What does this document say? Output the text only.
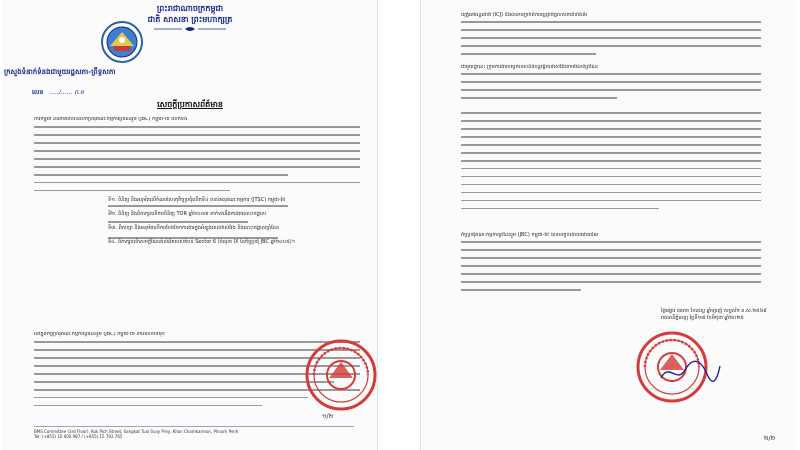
ព្រះរាជាណាចក្រកម្ពុជា
ជាតិ សាសនា ព្រះមហាក្សត្រ
ក្រសួងទំនាក់ទំនងជាមួយរដ្ឋសភា-ព្រឹទ្ធសភា
លេខ ...../...... ព.ម
សេចក្តីប្រកាសព័ត៌មាន
ការិកម្ពុជា និងភាគីថៃបានបើកប្រជុំគណៈកម្មការព្រំដែនរួម (JBC) កម្ពុជា-ថៃ លើកទី៥
ទី១. ពិនិត្យ និងអនុម័តលើកំណត់ហេតុកិច្ចប្រជុំលើកទី៤ របស់អនុគណៈកម្មការ (JTSC) កម្ពុជា-ថៃ
ទី២. ពិនិត្យ និងពិភាក្សាលើការពិនិត្យ TOR ឆ្នាំ២០០៣ ទាក់ទងនឹងការងារបោះបង្គោល
ទី៣. ពិភាក្សា និងអនុម័តលើការបែងចែកការងារក្នុងអំឡុងពេលវាស់វែង និងបោះបង្គោលព្រំដែន
ទី៤. ពិភាក្សាលើសេចក្តីណែនាំលំអិតរបស់តំបន់ Sector 6 (ចំណុច IX នៃកិច្ចប្រជុំ JBC ឆ្នាំ២០០៥)។
នៅក្នុងកិច្ចប្រជុំគណៈកម្មការព្រំដែនរួម (JBC) កម្ពុជា-ថៃ នាពេលខាងមុខ
១/២
BMS Committee (3rd Floor), Kok Pich Street, Sangkat Tuol Svay Prey, Khan Chamkarmon, Phnom Penh
Tel: (+855) 10 000 987 / (+855) 15 792 765
យុត្តិធម៌អន្តរជាតិ (ICJ) និងបានបញ្ជាក់ពីការប្តេជ្ញាចិត្តរបស់ភាគីទាំងពីរ
ជាមួយគ្នានេះ ក្រុមការងារបច្ចេកទេសនឹងបន្តធ្វើការវាស់វែងតាមផែនទីព្រំដែន
កិច្ចប្រជុំគណៈកម្មការព្រំដែនរួម (JBC) កម្ពុជា-ថៃ បានបញ្ចប់ដោយជោគជ័យ
ថ្ងៃអង្គារ ៣រោច ខែជេស្ឋ ឆ្នាំម្សាញ់ សប្តស័ក ព.ស.២៥៦៩
រាជធានីភ្នំពេញ ថ្ងៃទី១៧ ខែមិថុនា ឆ្នាំ២០២៥
២/២
